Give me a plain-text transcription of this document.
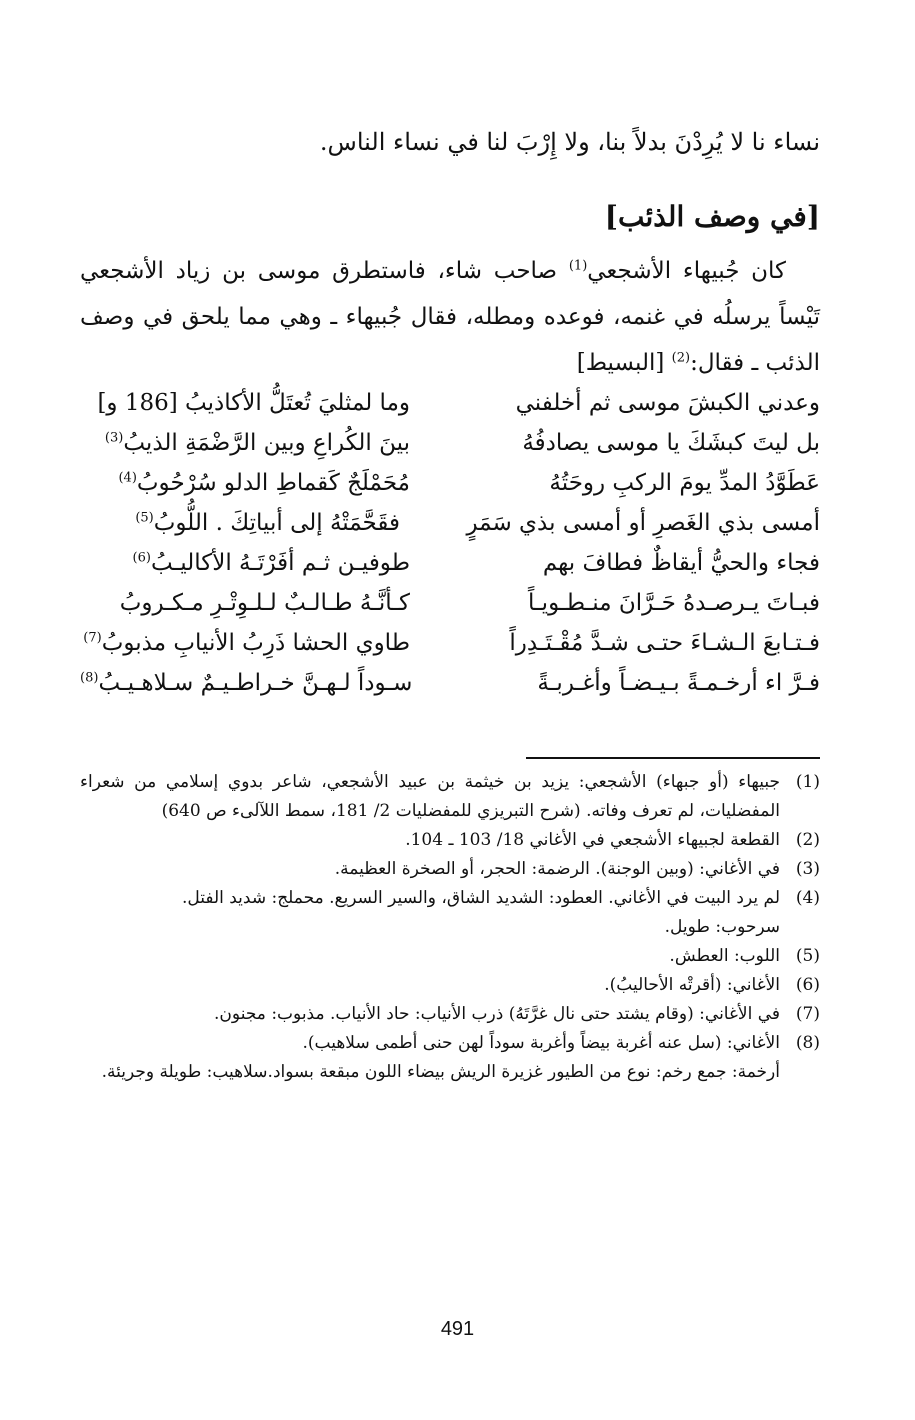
نساء نا لا يُرِدْنَ بدلاً بنا، ولا إِرْبَ لنا في نساء الناس.
[في وصف الذئب]

كان جُبيهاء الأشجعي$^{(1)}$ صاحب شاء، فاستطرق موسى بن زياد الأشجعي تَيْساً يرسلُه في غنمه، فوعده ومطله، فقال جُبيهاء ـ وهي مما يلحق في وصف الذئب ـ فقال:$^{(2)}$ [البسيط]

وعدني الكبشَ موسى ثم أخلفني
وما لمثليَ تُعتَلُّ الأكاذيبُ [186 و]
بل ليتَ كبشَكَ يا موسى يصادفُهُ
بينَ الكُراعِ وبين الرَّضْمَةِ الذيبُ$^{(3)}$
عَطَوَّدُ المدِّ يومَ الركبِ روحَتُهُ
مُحَمْلَجٌ كَقماطِ الدلو سُرْحُوبُ$^{(4)}$
أمسى بذي الغَصرِ أو أمسى بذي سَمَرٍ
فقَحَّمَتْهُ إلى أبياتِكَ . اللُّوبُ$^{(5)}$
فجاء والحيُّ أيقاظٌ فطافَ بهم
طوفيـن ثـم أفَرْتَـهُ الأكاليـبُ$^{(6)}$
فبـاتَ يـرصـدهُ حَـرَّانَ منـطـويـاً
كـأنَّـهُ طـالـبٌ لـلـوِتْـرِ مـكـروبُ
فـتـابعَ الـشـاءَ حتـى شـدَّ مُقْـتَـدِراً
طاوي الحشا ذَرِبُ الأنيابِ مذبوبُ$^{(7)}$
فـرَّ اء أرخـمـةً بـيـضـاً وأغـربـةً
سـوداً لـهـنَّ خـراطـيـمٌ سـلاهـيـبُ$^{(8)}$
(1)
جبيهاء (أو جبهاء) الأشجعي: يزيد بن خيثمة بن عبيد الأشجعي، شاعر بدوي إسلامي من شعراء المفضليات، لم تعرف وفاته. (شرح التبريزي للمفضليات 2/ 181، سمط اللآلىء ص 640)
(2)
القطعة لجبيهاء الأشجعي في الأغاني 18/ 103 ـ 104.
(3)
في الأغاني: (وبين الوجنة). الرضمة: الحجر، أو الصخرة العظيمة.
(4)
لم يرد البيت في الأغاني. العطود: الشديد الشاق، والسير السريع. محملج: شديد الفتل.
سرحوب: طويل.
(5)
اللوب: العطش.
(6)
الأغاني: (أقرتْه الأحاليبُ).
(7)
في الأغاني: (وقام يشتد حتى نال غرَّتَهُ) ذرب الأنياب: حاد الأنياب. مذبوب: مجنون.
(8)
الأغاني: (سل عنه أغربة بيضاً وأغربة سوداً لهن حنى أطمى سلاهيب).
أرخمة: جمع رخم: نوع من الطيور غزيرة الريش بيضاء اللون مبقعة بسواد.سلاهيب: طويلة وجريئة.
491
